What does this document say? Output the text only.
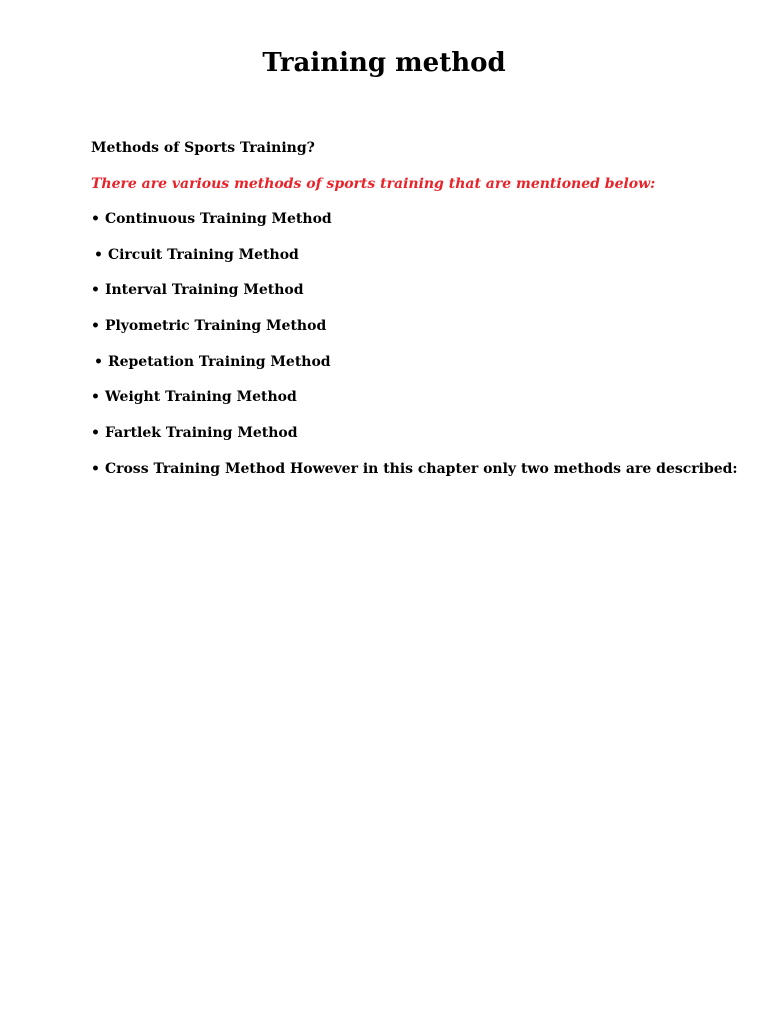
Training method

Methods of Sports Training?

There are various methods of sports training that are mentioned below:

• Continuous Training Method
• Circuit Training Method
• Interval Training Method
• Plyometric Training Method
• Repetation Training Method
• Weight Training Method
• Fartlek Training Method
• Cross Training Method However in this chapter only two methods are described:
